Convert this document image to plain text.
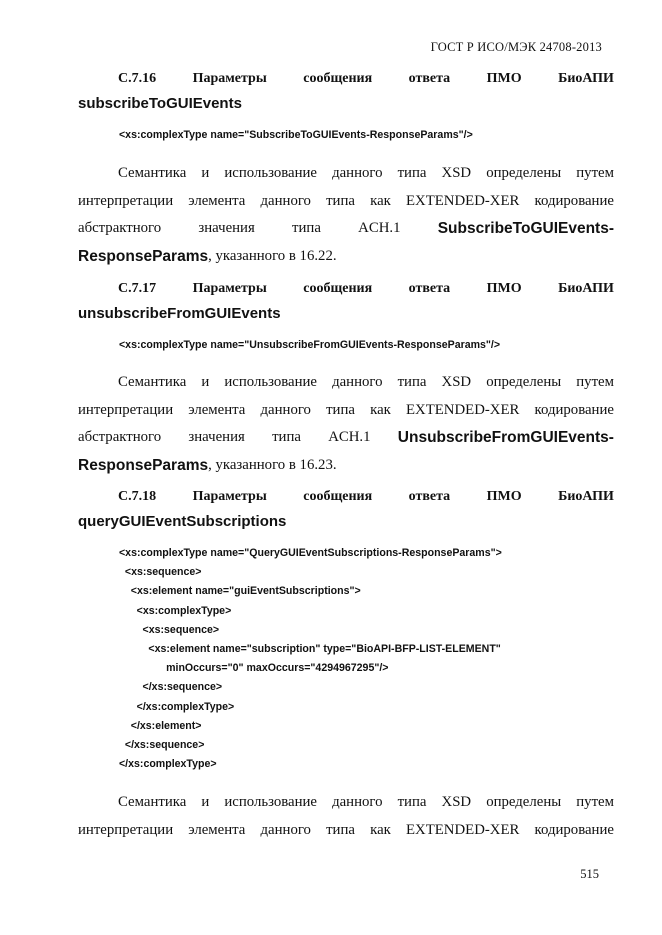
ГОСТ Р ИСО/МЭК 24708-2013
С.7.16	Параметры	сообщения	ответа	ПМО	БиоАПИ
subscribeToGUIEvents
<xs:complexType name="SubscribeToGUIEvents-ResponseParams"/>
Семантика и использование данного типа XSD определены путем
интерпретации элемента данного типа как EXTENDED-XER кодирование
абстрактного	значения	типа	ACH.1 SubscribeToGUIEvents-
ResponseParams , указанного в 16.22.
С.7.17	Параметры	сообщения	ответа	ПМО	БиоАПИ
unsubscribeFromGUIEvents
<xs:complexType name="UnsubscribeFromGUIEvents-ResponseParams"/>
Семантика и использование данного типа XSD определены путем
интерпретации элемента данного типа как EXTENDED-XER кодирование
абстрактного значения типа ACH.1 UnsubscribeFromGUIEvents-
ResponseParams , указанного в 16.23.
С.7.18	Параметры	сообщения	ответа	ПМО	БиоАПИ
queryGUIEventSubscriptions
<xs:complexType name="QueryGUIEventSubscriptions-ResponseParams">
<xs:sequence>
<xs:element name="guiEventSubscriptions">
<xs:complexType>
<xs:sequence>
<xs:element name="subscription" type="BioAPI-BFP-LIST-ELEMENT"
minOccurs="0" maxOccurs="4294967295"/>
</xs:sequence>
</xs:complexType>
</xs:element>
</xs:sequence>
</xs:complexType>
Семантика и использование данного типа XSD определены путем
интерпретации элемента данного типа как EXTENDED-XER кодирование
515
